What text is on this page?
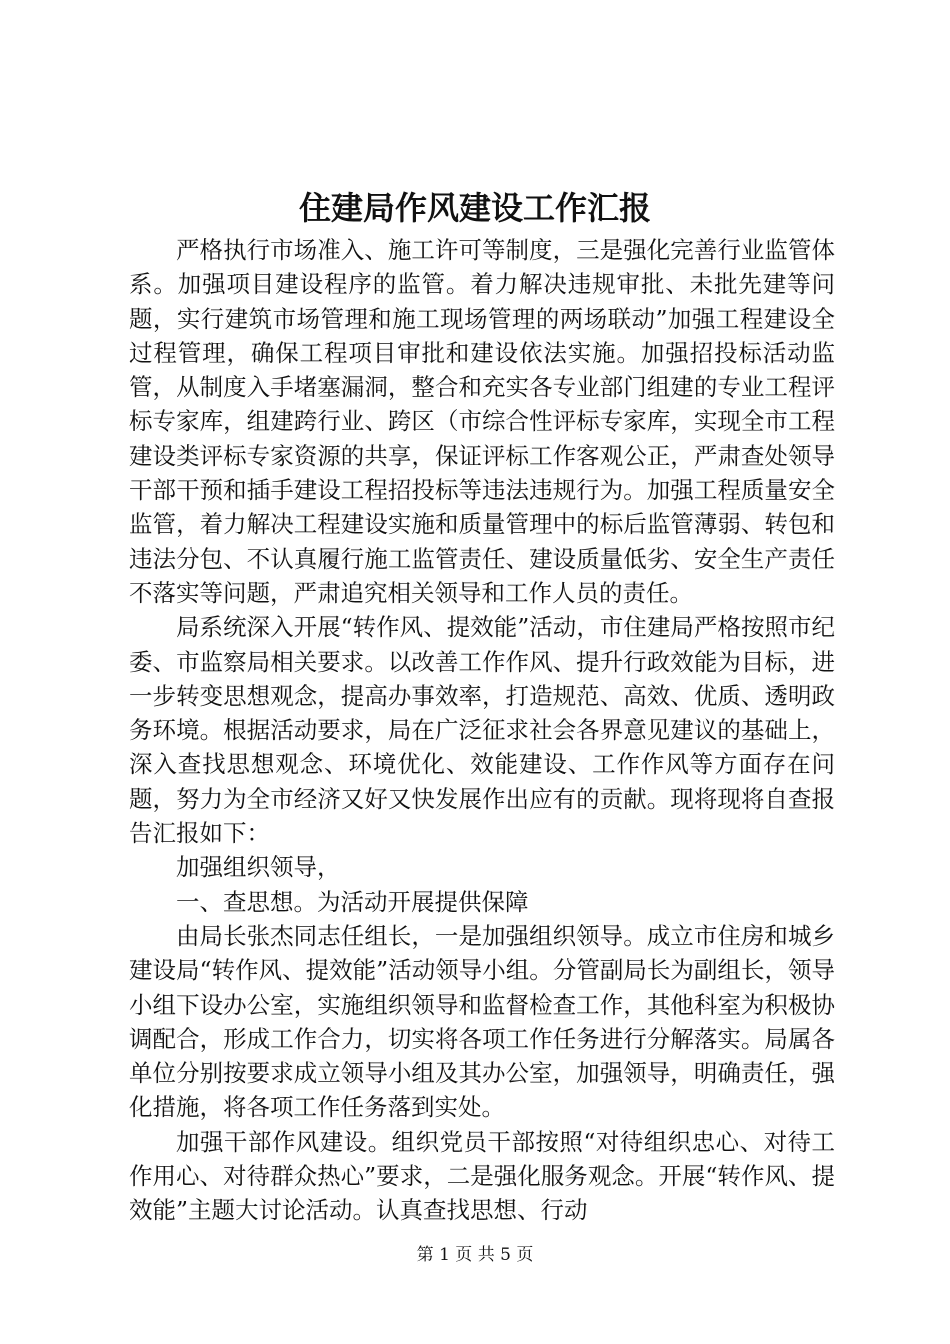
住建局作风建设工作汇报

严格执行市场准入、施工许可等制度，三是强化完善行业监管体系。加强项目建设程序的监管。着力解决违规审批、未批先建等问题，实行建筑市场管理和施工现场管理的两场联动”加强工程建设全过程管理，确保工程项目审批和建设依法实施。加强招投标活动监管，从制度入手堵塞漏洞，整合和充实各专业部门组建的专业工程评标专家库，组建跨行业、跨区（市综合性评标专家库，实现全市工程建设类评标专家资源的共享，保证评标工作客观公正，严肃查处领导干部干预和插手建设工程招投标等违法违规行为。加强工程质量安全监管，着力解决工程建设实施和质量管理中的标后监管薄弱、转包和违法分包、不认真履行施工监管责任、建设质量低劣、安全生产责任不落实等问题，严肃追究相关领导和工作人员的责任。

局系统深入开展“转作风、提效能”活动，市住建局严格按照市纪委、市监察局相关要求。以改善工作作风、提升行政效能为目标，进一步转变思想观念，提高办事效率，打造规范、高效、优质、透明政务环境。根据活动要求，局在广泛征求社会各界意见建议的基础上，深入查找思想观念、环境优化、效能建设、工作作风等方面存在问题，努力为全市经济又好又快发展作出应有的贡献。现将现将自查报告汇报如下：

加强组织领导，

一、查思想。为活动开展提供保障

由局长张杰同志任组长，一是加强组织领导。成立市住房和城乡建设局“转作风、提效能”活动领导小组。分管副局长为副组长，领导小组下设办公室，实施组织领导和监督检查工作，其他科室为积极协调配合，形成工作合力，切实将各项工作任务进行分解落实。局属各单位分别按要求成立领导小组及其办公室，加强领导，明确责任，强化措施，将各项工作任务落到实处。

加强干部作风建设。组织党员干部按照“对待组织忠心、对待工作用心、对待群众热心”要求，二是强化服务观念。开展“转作风、提效能”主题大讨论活动。认真查找思想、行动

第 1 页 共 5 页
